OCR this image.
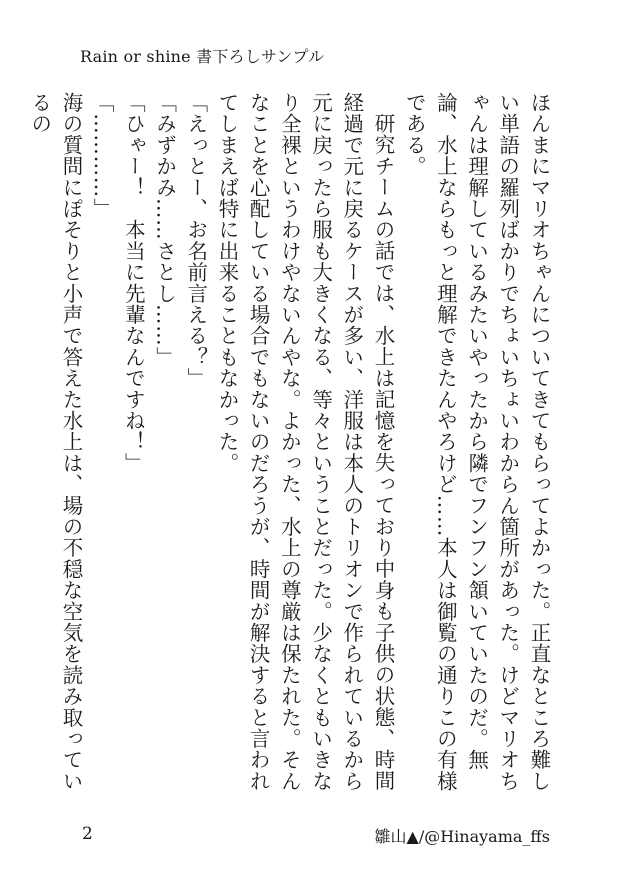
Rain or shine 書下ろしサンプル

ほんまにマリオちゃんについてきてもらってよかった。正直なところ難しい単語の羅列ばかりでちょいちょいわからん箇所があった。けどマリオちゃんは理解しているみたいやったから隣でフンフン頷いていたのだ。無論、水上ならもっと理解できたんやろけど……本人は御覧の通りこの有様である。

研究チームの話では、水上は記憶を失っており中身も子供の状態、時間経過で元に戻るケースが多い、洋服は本人のトリオンで作られているから元に戻ったら服も大きくなる、等々ということだった。少なくともいきなり全裸というわけやないんやな。よかった、水上の尊厳は保たれた。そんなことを心配している場合でもないのだろうが、時間が解決すると言われてしまえば特に出来ることもなかった。

「えっとー、お名前言える？」

「みずかみ……さとし……」

「ひゃー！　本当に先輩なんですね！」

「…………」

海の質問にぽそりと小声で答えた水上は、場の不穏な空気を読み取っているの

2	雛山▲/@Hinayama_ffs
